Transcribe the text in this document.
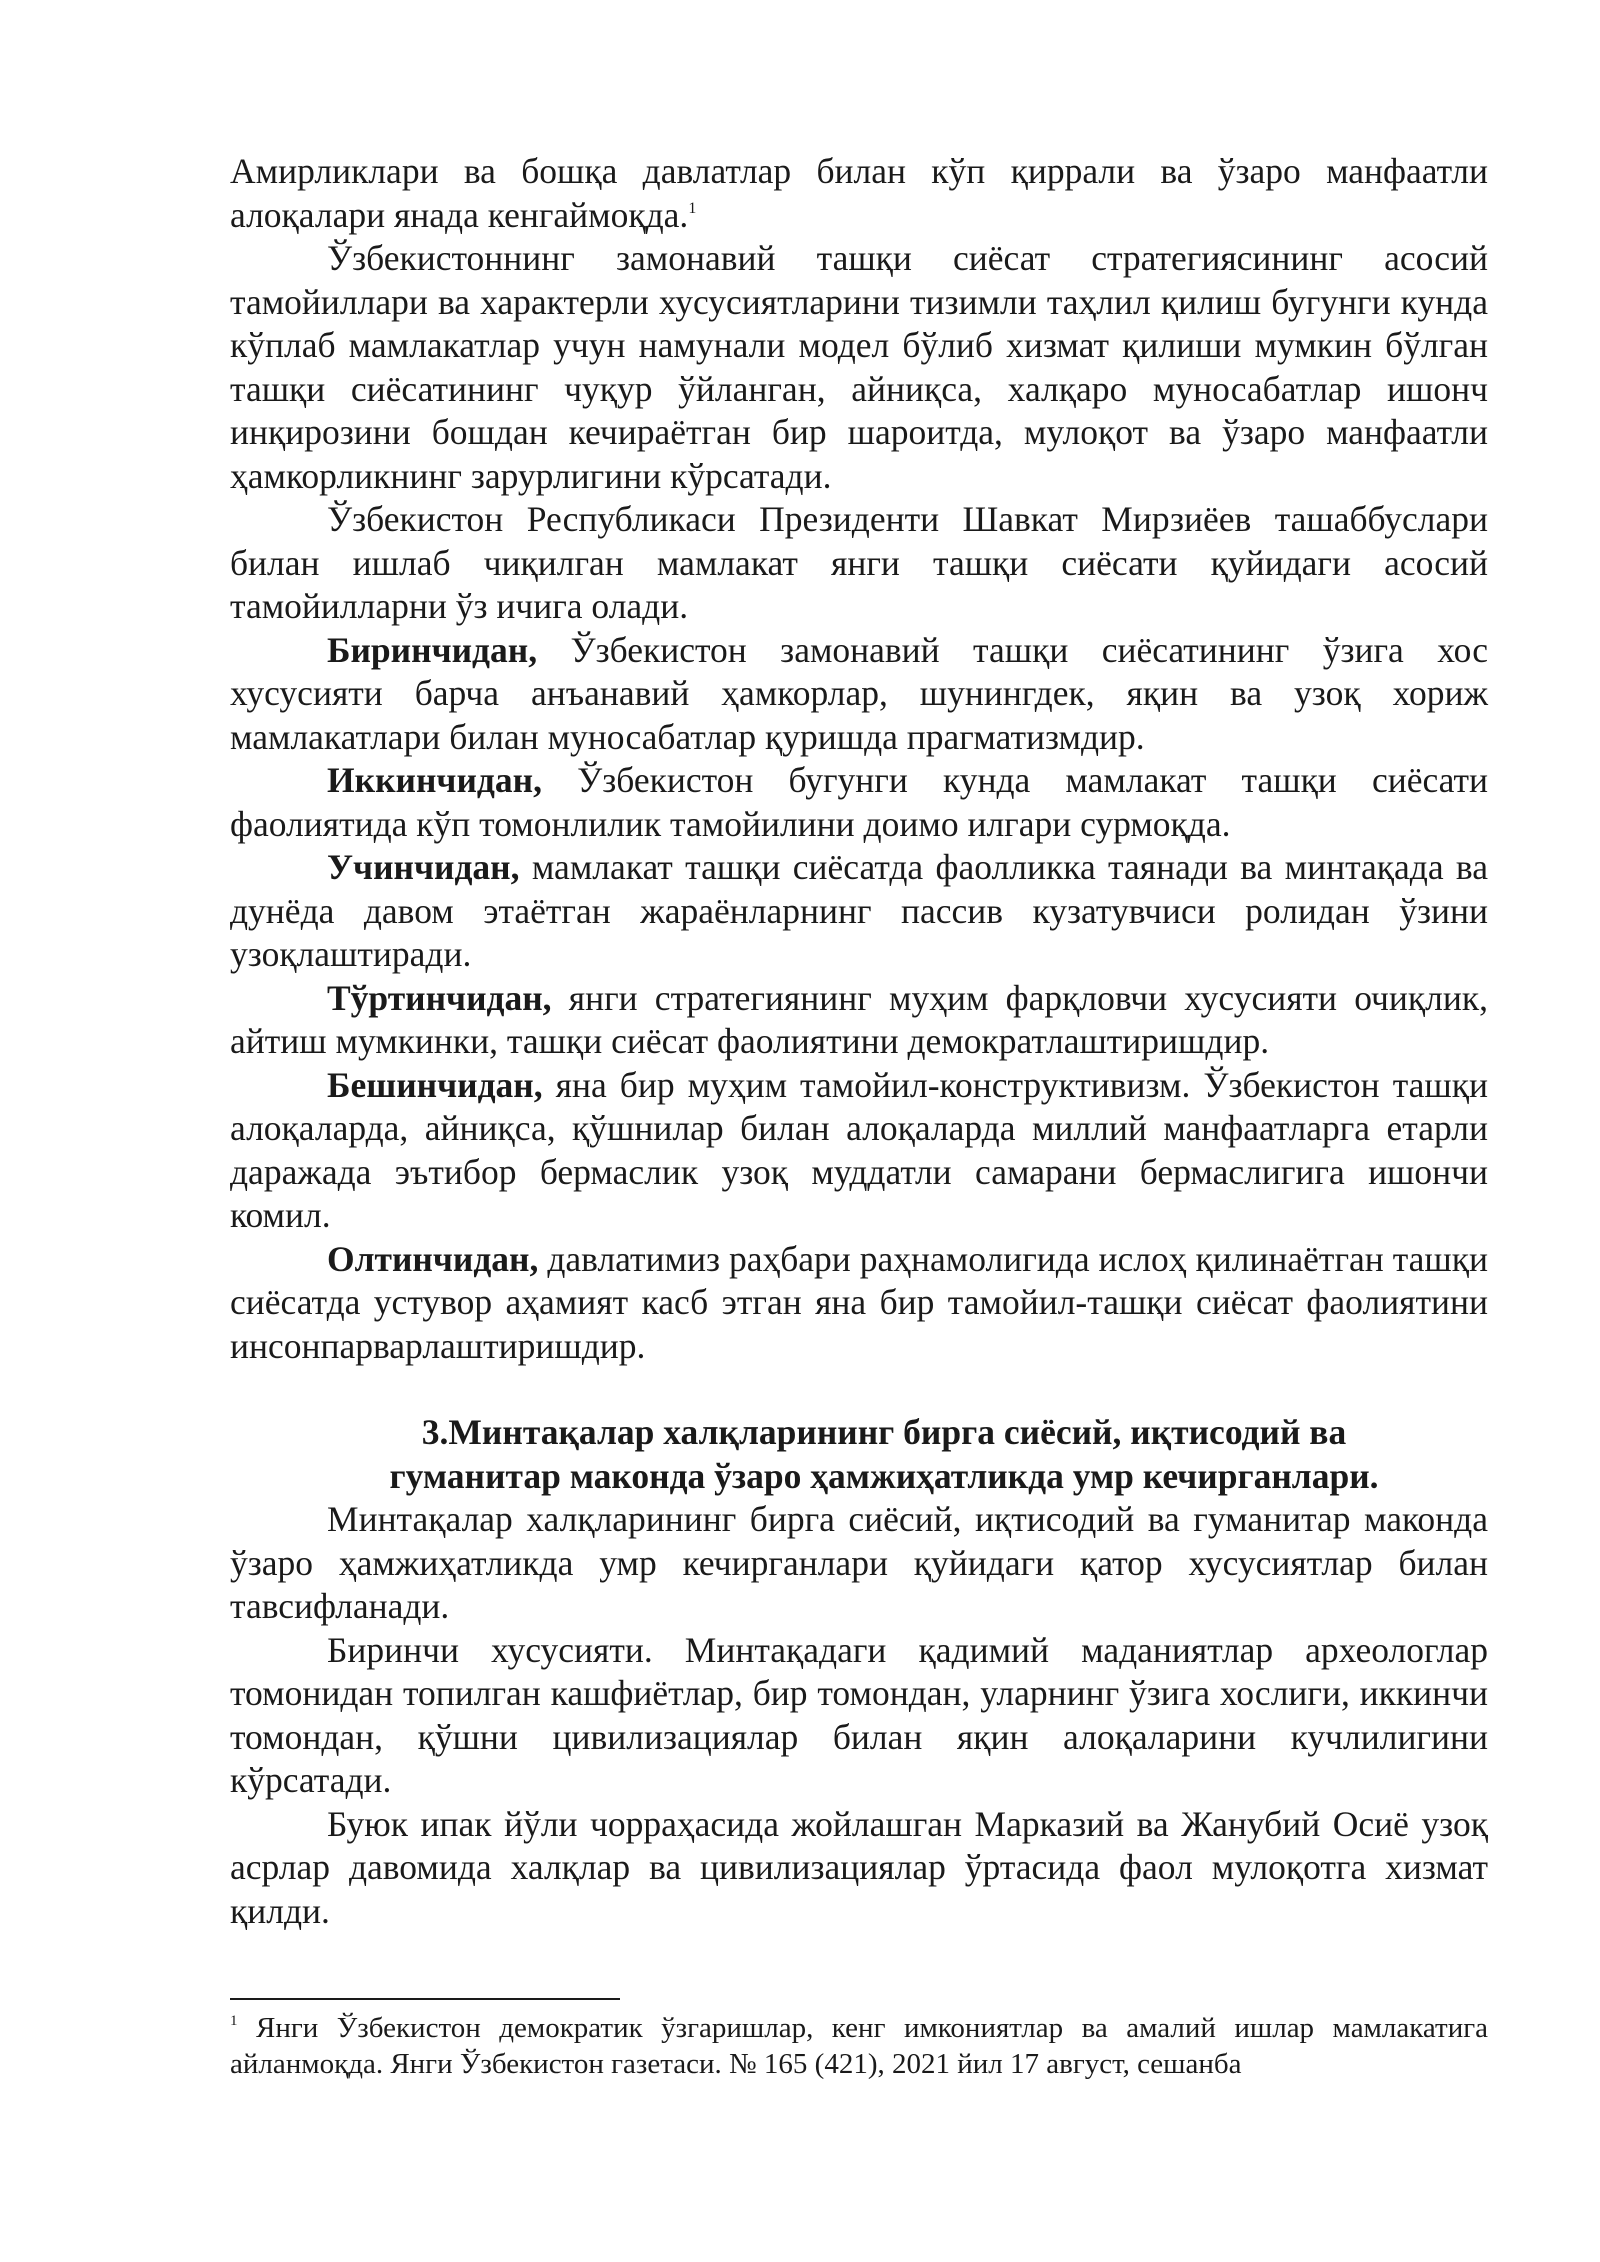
Амирликлари ва бошқа давлатлар билан кўп қиррали ва ўзаро манфаатли алоқалари янада кенгаймоқда.$^1$

Ўзбекистоннинг замонавий ташқи сиёсат стратегиясининг асосий тамойиллари ва характерли хусусиятларини тизимли таҳлил қилиш бугунги кунда кўплаб мамлакатлар учун намунали модел бўлиб хизмат қилиши мумкин бўлган ташқи сиёсатининг чуқур ўйланган, айниқса, халқаро муносабатлар ишонч инқирозини бошдан кечираётган бир шароитда, мулоқот ва ўзаро манфаатли ҳамкорликнинг зарурлигини кўрсатади.

Ўзбекистон Республикаси Президенти Шавкат Мирзиёев ташаббуслари билан ишлаб чиқилган мамлакат янги ташқи сиёсати қуйидаги асосий тамойилларни ўз ичига олади.

Биринчидан, Ўзбекистон замонавий ташқи сиёсатининг ўзига хос хусусияти барча анъанавий ҳамкорлар, шунингдек, яқин ва узоқ хориж мамлакатлари билан муносабатлар қуришда прагматизмдир.

Иккинчидан, Ўзбекистон бугунги кунда мамлакат ташқи сиёсати фаолиятида кўп томонлилик тамойилини доимо илгари сурмоқда.

Учинчидан, мамлакат ташқи сиёсатда фаолликка таянади ва минтақада ва дунёда давом этаётган жараёнларнинг пассив кузатувчиси ролидан ўзини узоқлаштиради.

Тўртинчидан, янги стратегиянинг муҳим фарқловчи хусусияти очиқлик, айтиш мумкинки, ташқи сиёсат фаолиятини демократлаштиришдир.

Бешинчидан, яна бир муҳим тамойил-конструктивизм. Ўзбекистон ташқи алоқаларда, айниқса, қўшнилар билан алоқаларда миллий манфаатларга етарли даражада эътибор бермаслик узоқ муддатли самарани бермаслигига ишончи комил.

Олтинчидан, давлатимиз раҳбари раҳнамолигида ислоҳ қилинаётган ташқи сиёсатда устувор аҳамият касб этган яна бир тамойил-ташқи сиёсат фаолиятини инсонпарварлаштиришдир.

3.Минтақалар халқларининг бирга сиёсий, иқтисодий ва
гуманитар маконда ўзаро ҳамжиҳатликда умр кечирганлари.

Минтақалар халқларининг бирга сиёсий, иқтисодий ва гуманитар маконда ўзаро ҳамжиҳатликда умр кечирганлари қуйидаги қатор хусусиятлар билан тавсифланади.

Биринчи хусусияти. Минтақадаги қадимий маданиятлар археологлар томонидан топилган кашфиётлар, бир томондан, уларнинг ўзига хослиги, иккинчи томондан, қўшни цивилизациялар билан яқин алоқаларини кучлилигини кўрсатади.

Буюк ипак йўли чорраҳасида жойлашган Марказий ва Жанубий Осиё узоқ асрлар давомида халқлар ва цивилизациялар ўртасида фаол мулоқотга хизмат қилди.

$^1$ Янги Ўзбекистон демократик ўзгаришлар, кенг имкониятлар ва амалий ишлар мамлакатига айланмоқда. Янги Ўзбекистон газетаси. № 165 (421), 2021 йил 17 август, сешанба
